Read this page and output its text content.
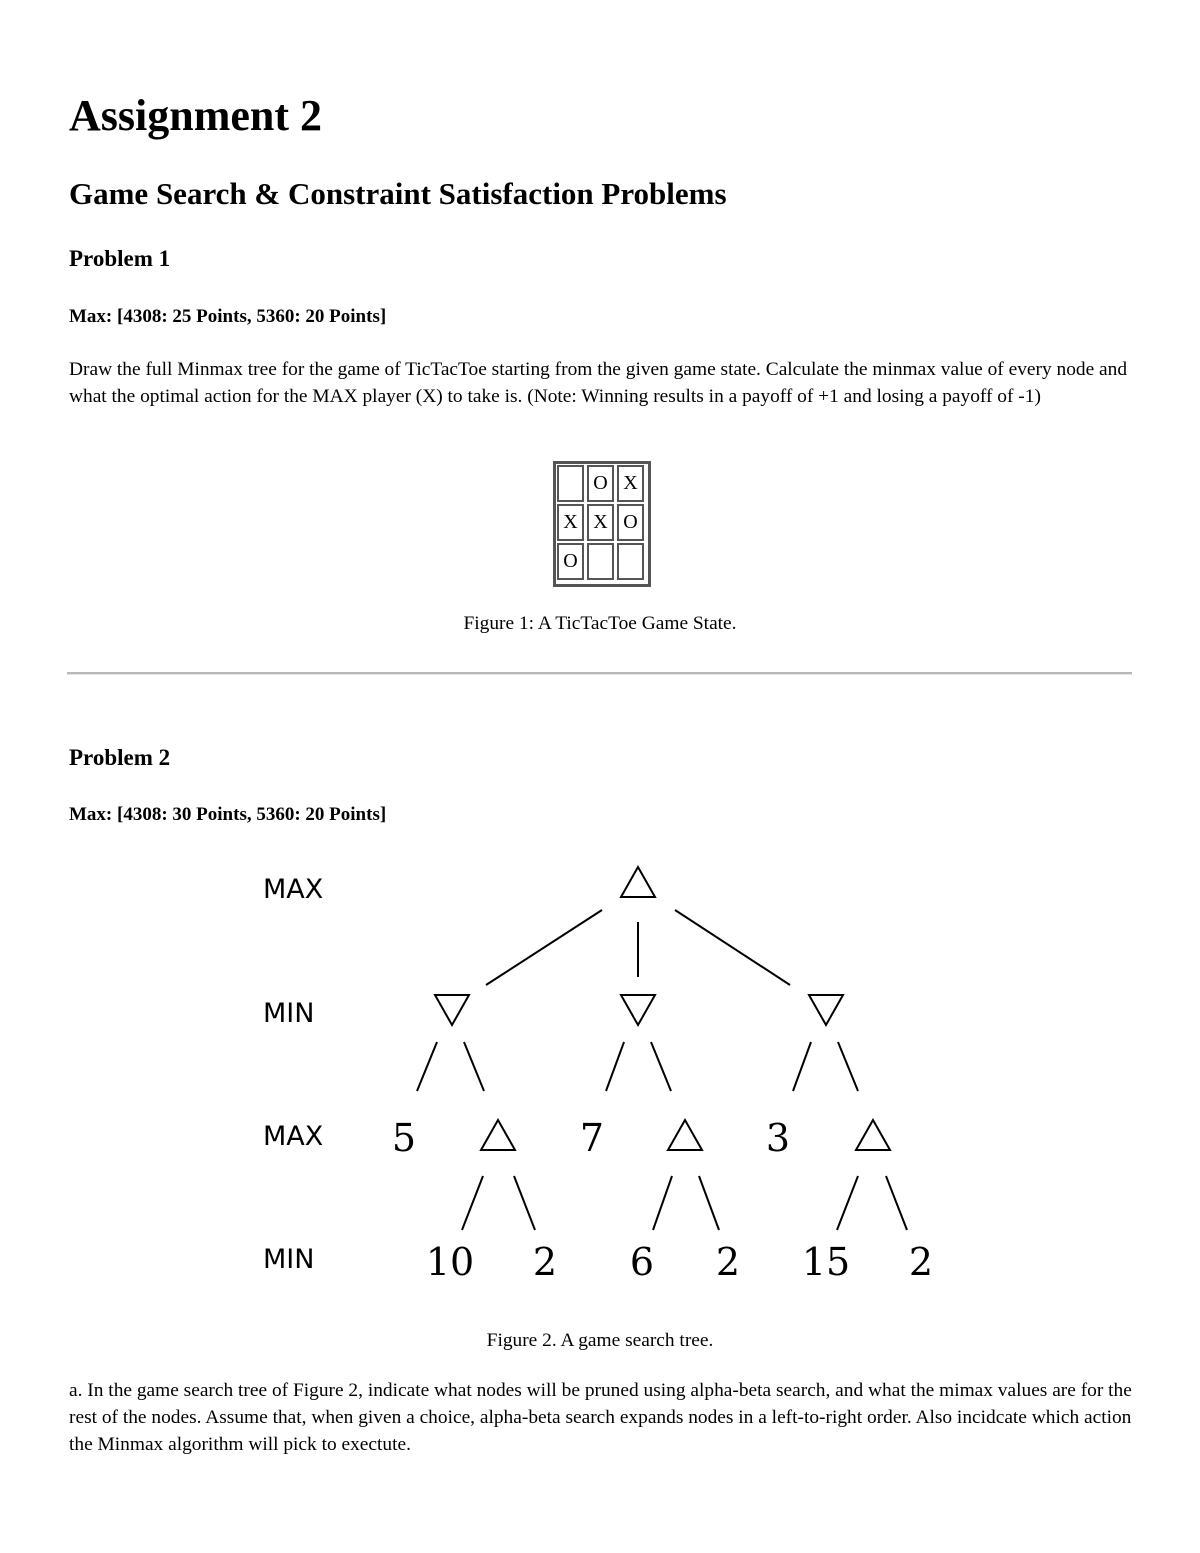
Assignment 2
Game Search & Constraint Satisfaction Problems
Problem 1
Max: [4308: 25 Points, 5360: 20 Points]

Draw the full Minmax tree for the game of TicTacToe starting from the given game state. Calculate the minmax value of every node and what the optimal action for the MAX player (X) to take is. (Note: Winning results in a payoff of +1 and losing a payoff of -1)

O X
X X O
O

Figure 1: A TicTacToe Game State.

Problem 2
Max: [4308: 30 Points, 5360: 20 Points]
MAX
MIN
MAX
MIN
5	7	3
10 2 6 2 15 2

Figure 2. A game search tree.

a. In the game search tree of Figure 2, indicate what nodes will be pruned using alpha-beta search, and what the mimax values are for the rest of the nodes. Assume that, when given a choice, alpha-beta search expands nodes in a left-to-right order. Also incidcate which action the Minmax algorithm will pick to exectute.
